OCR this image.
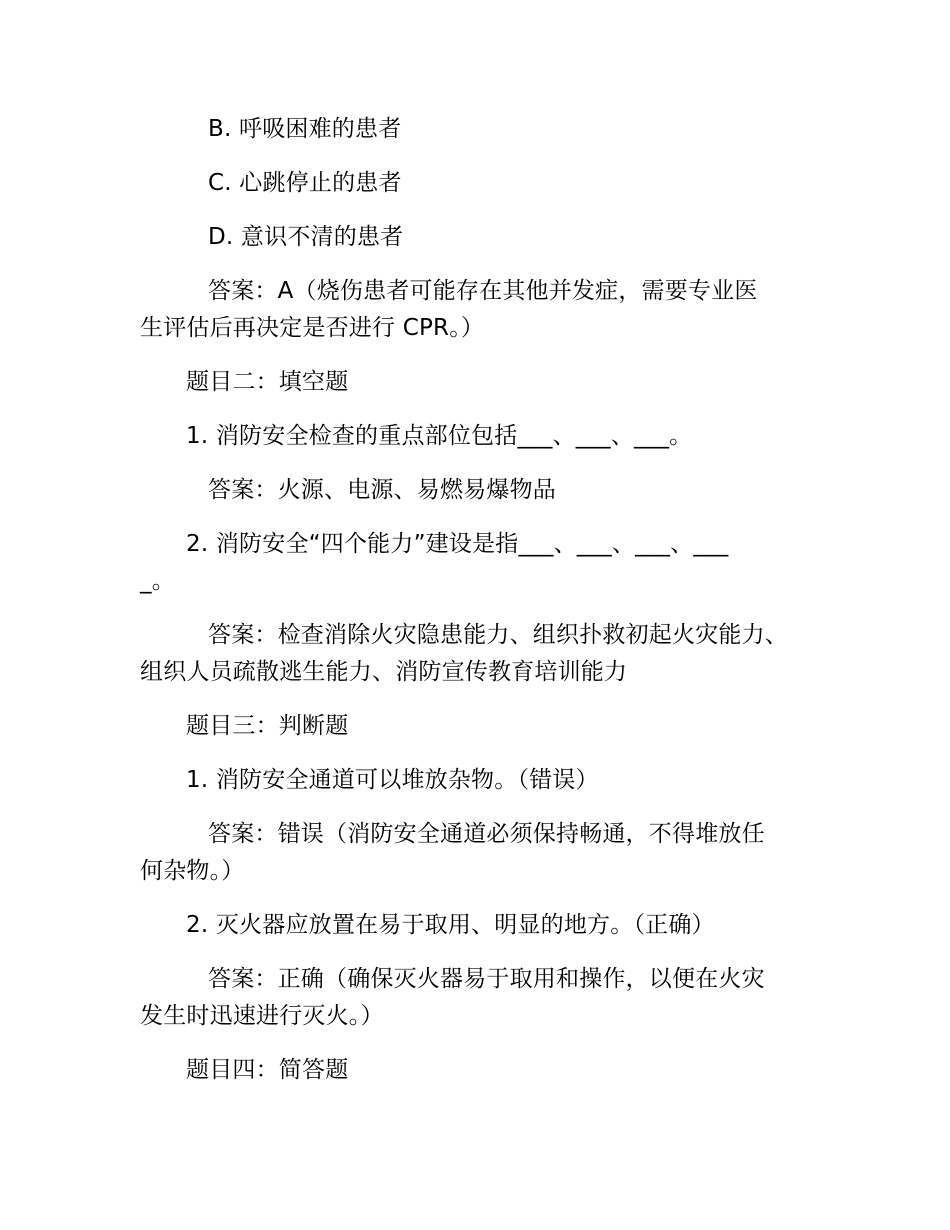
B. 呼吸困难的患者
C. 心跳停止的患者
D. 意识不清的患者
答案：A（烧伤患者可能存在其他并发症，需要专业医
生评估后再决定是否进行 CPR。）
题目二：填空题
1. 消防安全检查的重点部位包括___、___、___。
答案：火源、电源、易燃易爆物品
2. 消防安全“四个能力”建设是指___、___、___、___
_。
答案：检查消除火灾隐患能力、组织扑救初起火灾能力、
组织人员疏散逃生能力、消防宣传教育培训能力
题目三：判断题
1. 消防安全通道可以堆放杂物。（错误）
答案：错误（消防安全通道必须保持畅通，不得堆放任
何杂物。）
2. 灭火器应放置在易于取用、明显的地方。（正确）
答案：正确（确保灭火器易于取用和操作，以便在火灾
发生时迅速进行灭火。）
题目四：简答题
